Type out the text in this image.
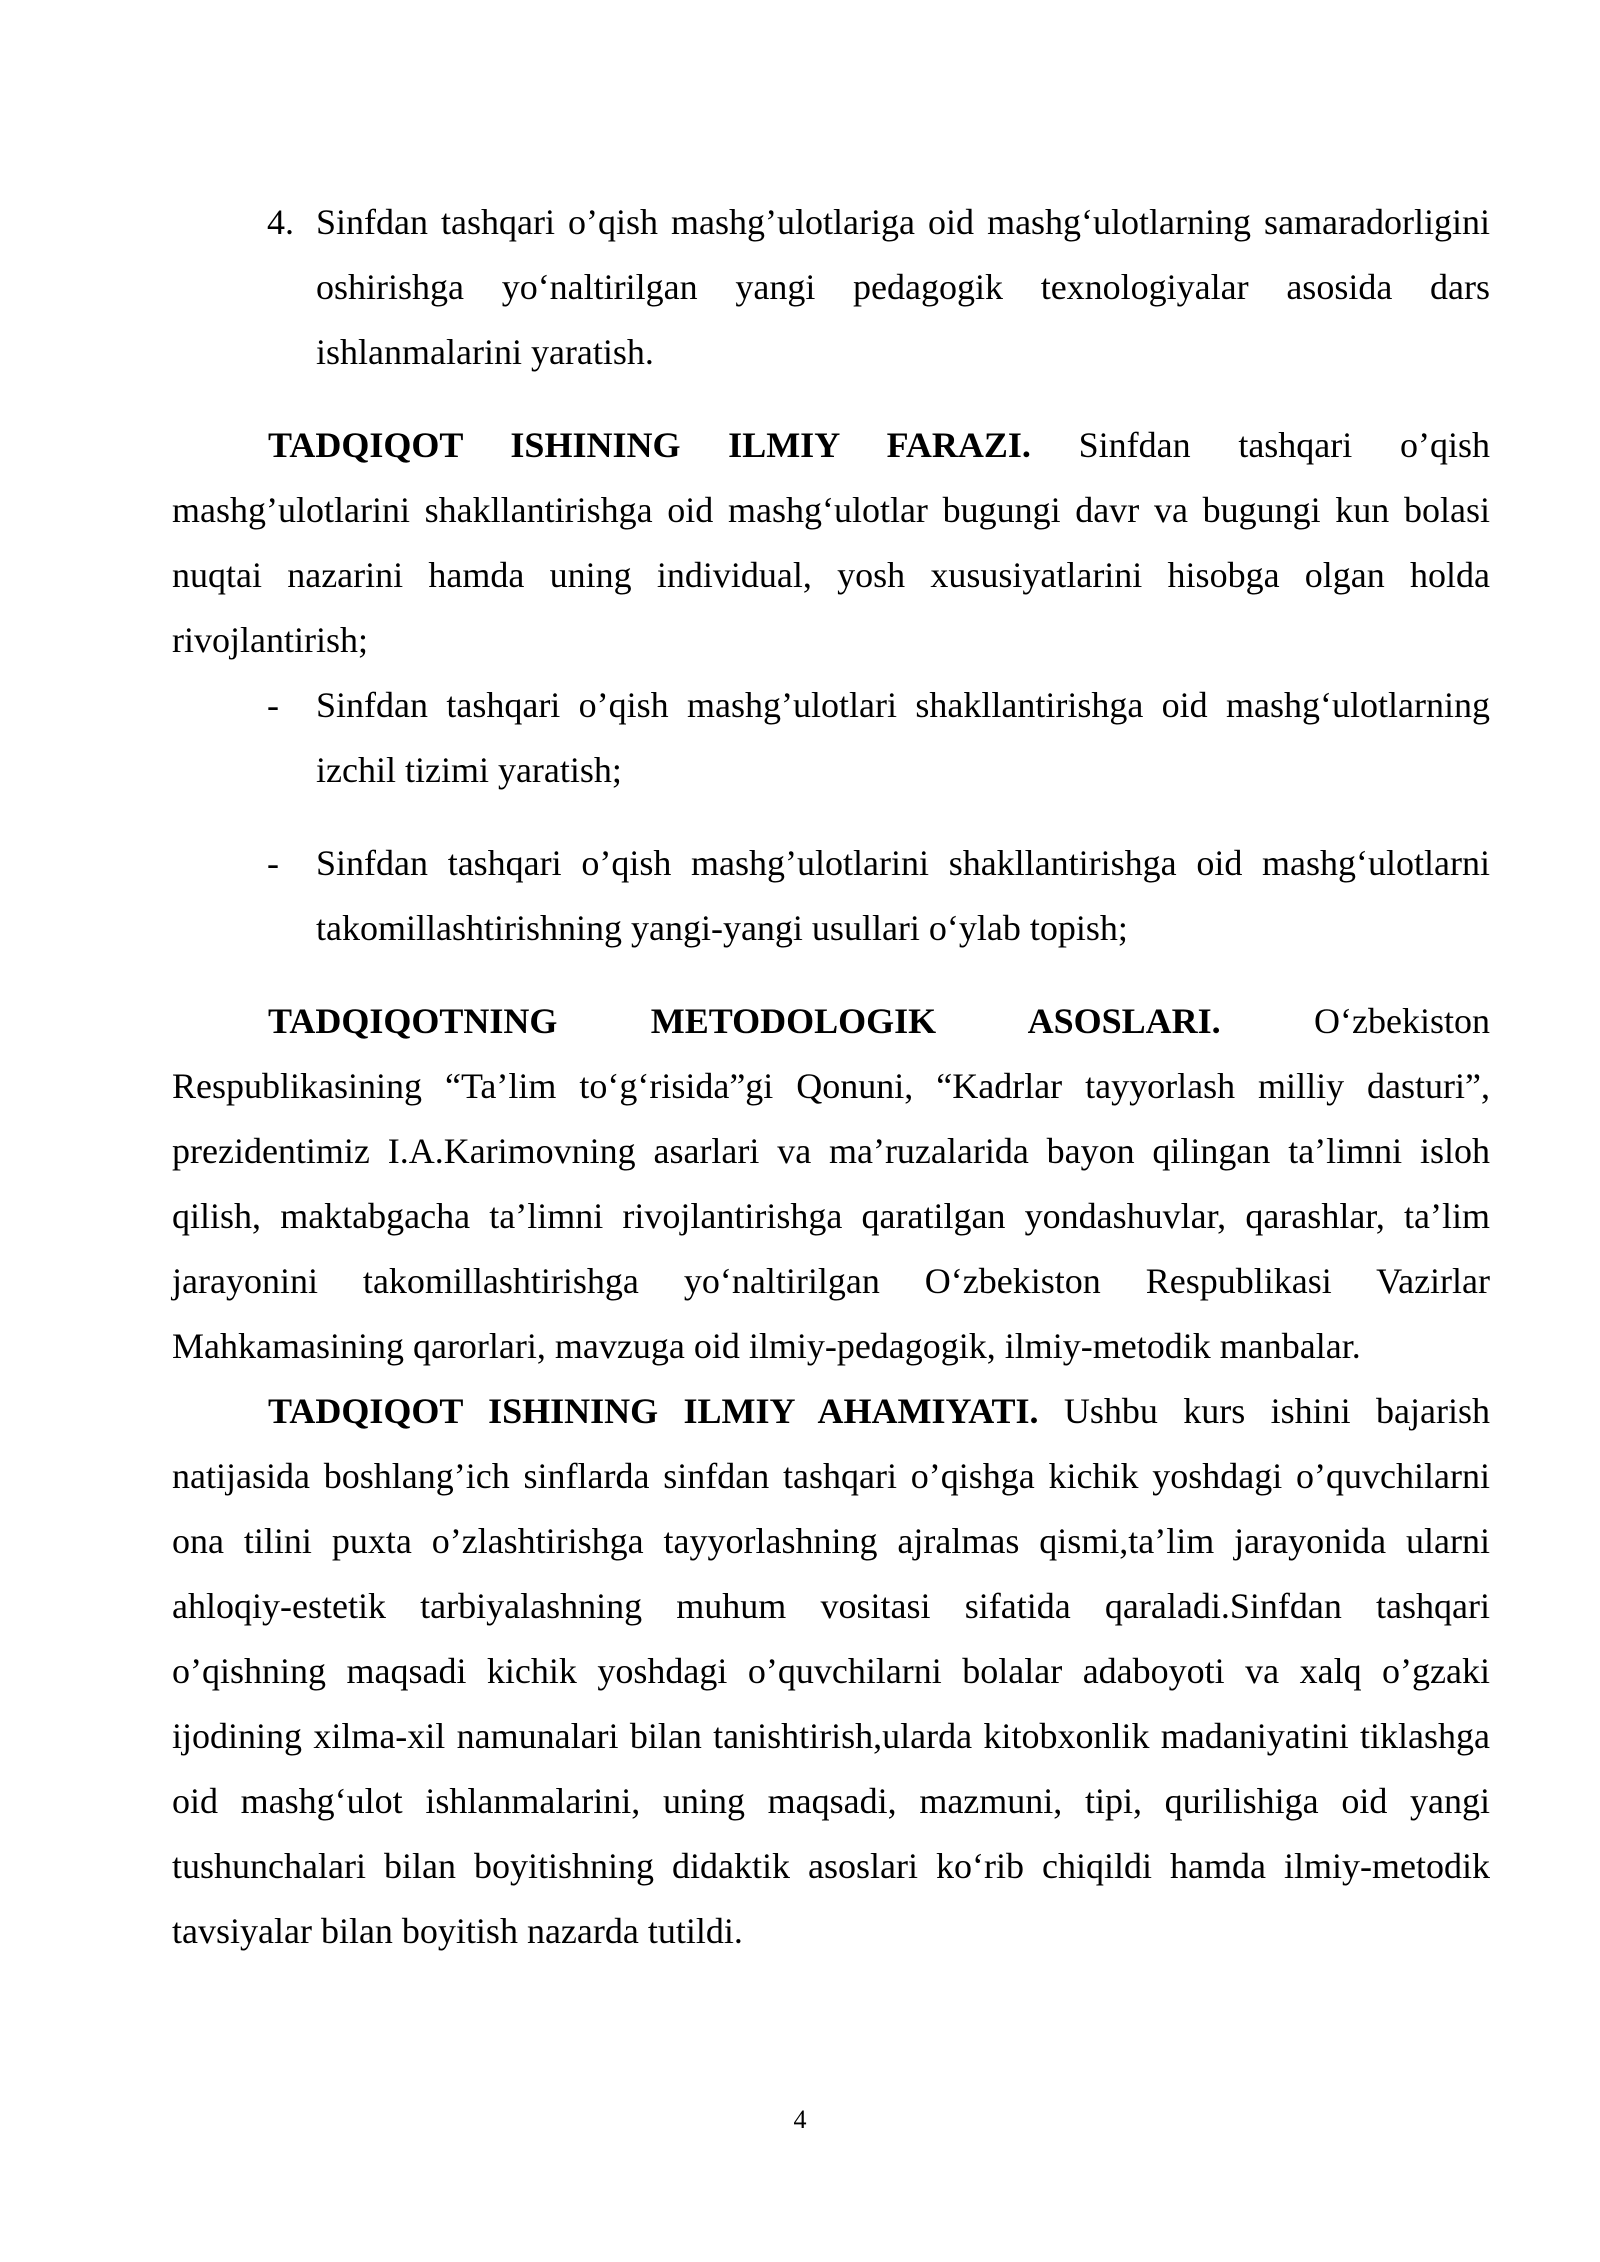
4. Sinfdan tashqari o’qish mashg’ulotlariga oid mashg‘ulotlarning samaradorligini oshirishga yo‘naltirilgan yangi pedagogik texnologiyalar asosida dars ishlanmalarini yaratish.

TADQIQOT ISHINING ILMIY FARAZI. Sinfdan tashqari o’qish mashg’ulotlarini shakllantirishga oid mashg‘ulotlar bugungi davr va bugungi kun bolasi nuqtai nazarini hamda uning individual, yosh xususiyatlarini hisobga olgan holda rivojlantirish;

- Sinfdan tashqari o’qish mashg’ulotlari shakllantirishga oid mashg‘ulotlarning izchil tizimi yaratish;
- Sinfdan tashqari o’qish mashg’ulotlarini shakllantirishga oid mashg‘ulotlarni takomillashtirishning yangi-yangi usullari o‘ylab topish;

TADQIQOTNING METODOLOGIK ASOSLARI. O‘zbekiston Respublikasining “Ta’lim to‘g‘risida”gi Qonuni, “Kadrlar tayyorlash milliy dasturi”, prezidentimiz I.A.Karimovning asarlari va ma’ruzalarida bayon qilingan ta’limni isloh qilish, maktabgacha ta’limni rivojlantirishga qaratilgan yondashuvlar, qarashlar, ta’lim jarayonini takomillashtirishga yo‘naltirilgan O‘zbekiston Respublikasi Vazirlar Mahkamasining qarorlari, mavzuga oid ilmiy-pedagogik, ilmiy-metodik manbalar.

TADQIQOT ISHINING ILMIY AHAMIYATI. Ushbu kurs ishini bajarish natijasida boshlang’ich sinflarda sinfdan tashqari o’qishga kichik yoshdagi o’quvchilarni ona tilini puxta o’zlashtirishga tayyorlashning ajralmas qismi,ta’lim jarayonida ularni ahloqiy-estetik tarbiyalashning muhum vositasi sifatida qaraladi.Sinfdan tashqari o’qishning maqsadi kichik yoshdagi o’quvchilarni bolalar adaboyoti va xalq o’gzaki ijodining xilma-xil namunalari bilan tanishtirish,ularda kitobxonlik madaniyatini tiklashga oid mashg‘ulot ishlanmalarini, uning maqsadi, mazmuni, tipi, qurilishiga oid yangi tushunchalari bilan boyitishning didaktik asoslari ko‘rib chiqildi hamda ilmiy-metodik tavsiyalar bilan boyitish nazarda tutildi.

4
